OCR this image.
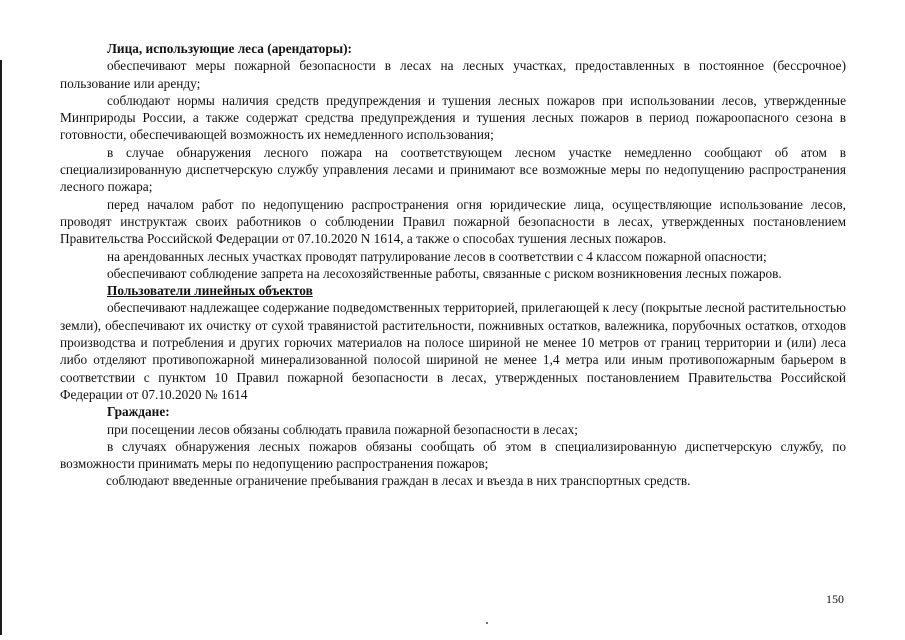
Лица, использующие леса (арендаторы):

обеспечивают меры пожарной безопасности в лесах на лесных участках, предоставленных в постоянное (бессрочное) пользование или аренду;

соблюдают нормы наличия средств предупреждения и тушения лесных пожаров при использовании лесов, утвержденные Минприроды России, а также содержат средства предупреждения и тушения лесных пожаров в период пожароопасного сезона в готовности, обеспечивающей возможность их немедленного использования;

в случае обнаружения лесного пожара на соответствующем лесном участке немедленно сообщают об атом в специализированную диспетчерскую службу управления лесами и принимают все возможные меры по недопущению распространения лесного пожара;

перед началом работ по недопущению распространения огня юридические лица, осуществляющие использование лесов, проводят инструктаж своих работников о соблюдении Правил пожарной безопасности в лесах, утвержденных постановлением Правительства Российской Федерации от 07.10.2020 N 1614, а также о способах тушения лесных пожаров.

на арендованных лесных участках проводят патрулирование лесов в соответствии с 4 классом пожарной опасности;

обеспечивают соблюдение запрета на лесохозяйственные работы, связанные с риском возникновения лесных пожаров.

Пользователи линейных объектов

обеспечивают надлежащее содержание подведомственных территорией, прилегающей к лесу (покрытые лесной растительностью земли), обеспечивают их очистку от сухой травянистой растительности, пожнивных остатков, валежника, порубочных остатков, отходов производства и потребления и других горючих материалов на полосе шириной не менее 10 метров от границ территории и (или) леса либо отделяют противопожарной минерализованной полосой шириной не менее 1,4 метра или иным противопожарным барьером в соответствии с пунктом 10 Правил пожарной безопасности в лесах, утвержденных постановлением Правительства Российской Федерации от 07.10.2020 № 1614

Граждане:

при посещении лесов обязаны соблюдать правила пожарной безопасности в лесах;

в случаях обнаружения лесных пожаров обязаны сообщать об этом в специализированную диспетчерскую службу, по возможности принимать меры по недопущению распространения пожаров;

соблюдают введенные ограничение пребывания граждан в лесах и въезда в них транспортных средств.

150
